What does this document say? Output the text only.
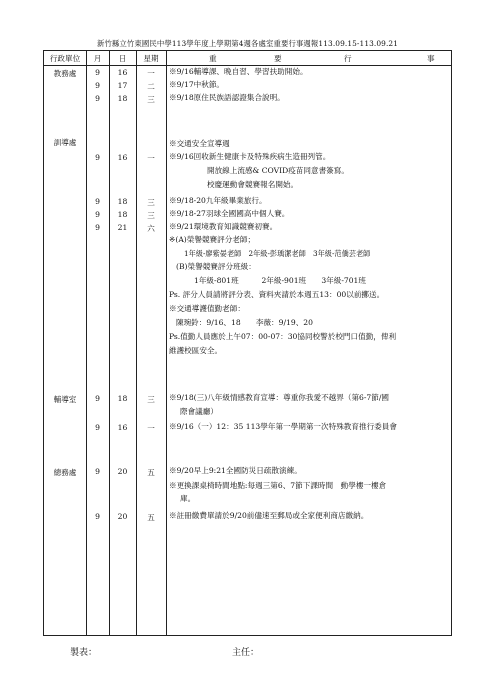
新竹縣立竹東國民中學113學年度上學期第4週各處室重要行事週報113.09.15-113.09.21
行政單位	月	日	星期	重	要	行	事
教務處	9	16	一	※9/16輔導課、晚自習、學習扶助開始。
9	17	二	※9/17中秋節。
9	18	三	※9/18原住民族語認證集合說明。
訓導處	※交通安全宣導週
9	16	一	※9/16回收新生健康卡及特殊疾病生造冊列管。
開放線上流感& COVID疫苗同意書簽寫。
校慶運動會競賽報名開始。
9	18	三	※9/18-20九年級畢業旅行。
9	18	三	※9/18-27羽球全國國高中個人賽。
9	21	六	※9/21環境教育知識競賽初賽。
※(A)榮譽競賽評分老師；
1年級-廖紫晏老師　2年級-彭瑀潔老師　3年級-范僑芸老師
(B)榮譽競賽評分班級：
1年級-801班　　　2年級-901班　　3年級-701班
Ps. 評分人員請將評分表、資料夾請於本週五13：00以前擲送。
※交通導護值勤老師：
陳琬鈴：9/16、18　　李薇：9/19、20
Ps.值勤人員應於上午07：00-07：30協同校警於校門口值勤，俾利
維護校區安全。
輔導室	9	18	三	※9/18(三)八年級情感教育宣導：尊重你我愛不越界（第6-7節/國
際會議廳）
9	16	一	※9/16（一）12：35 113學年第一學期第一次特殊教育推行委員會
總務處	9	20	五	※9/20早上9:21全國防災日疏散演練。
※更換課桌椅時間地點:每週三第6、7節下課時間　動學樓一樓倉
庫。
9	20	五	※註冊繳費單請於9/20前儘速至郵局或全家便利商店繳納。
製表：	主任：
